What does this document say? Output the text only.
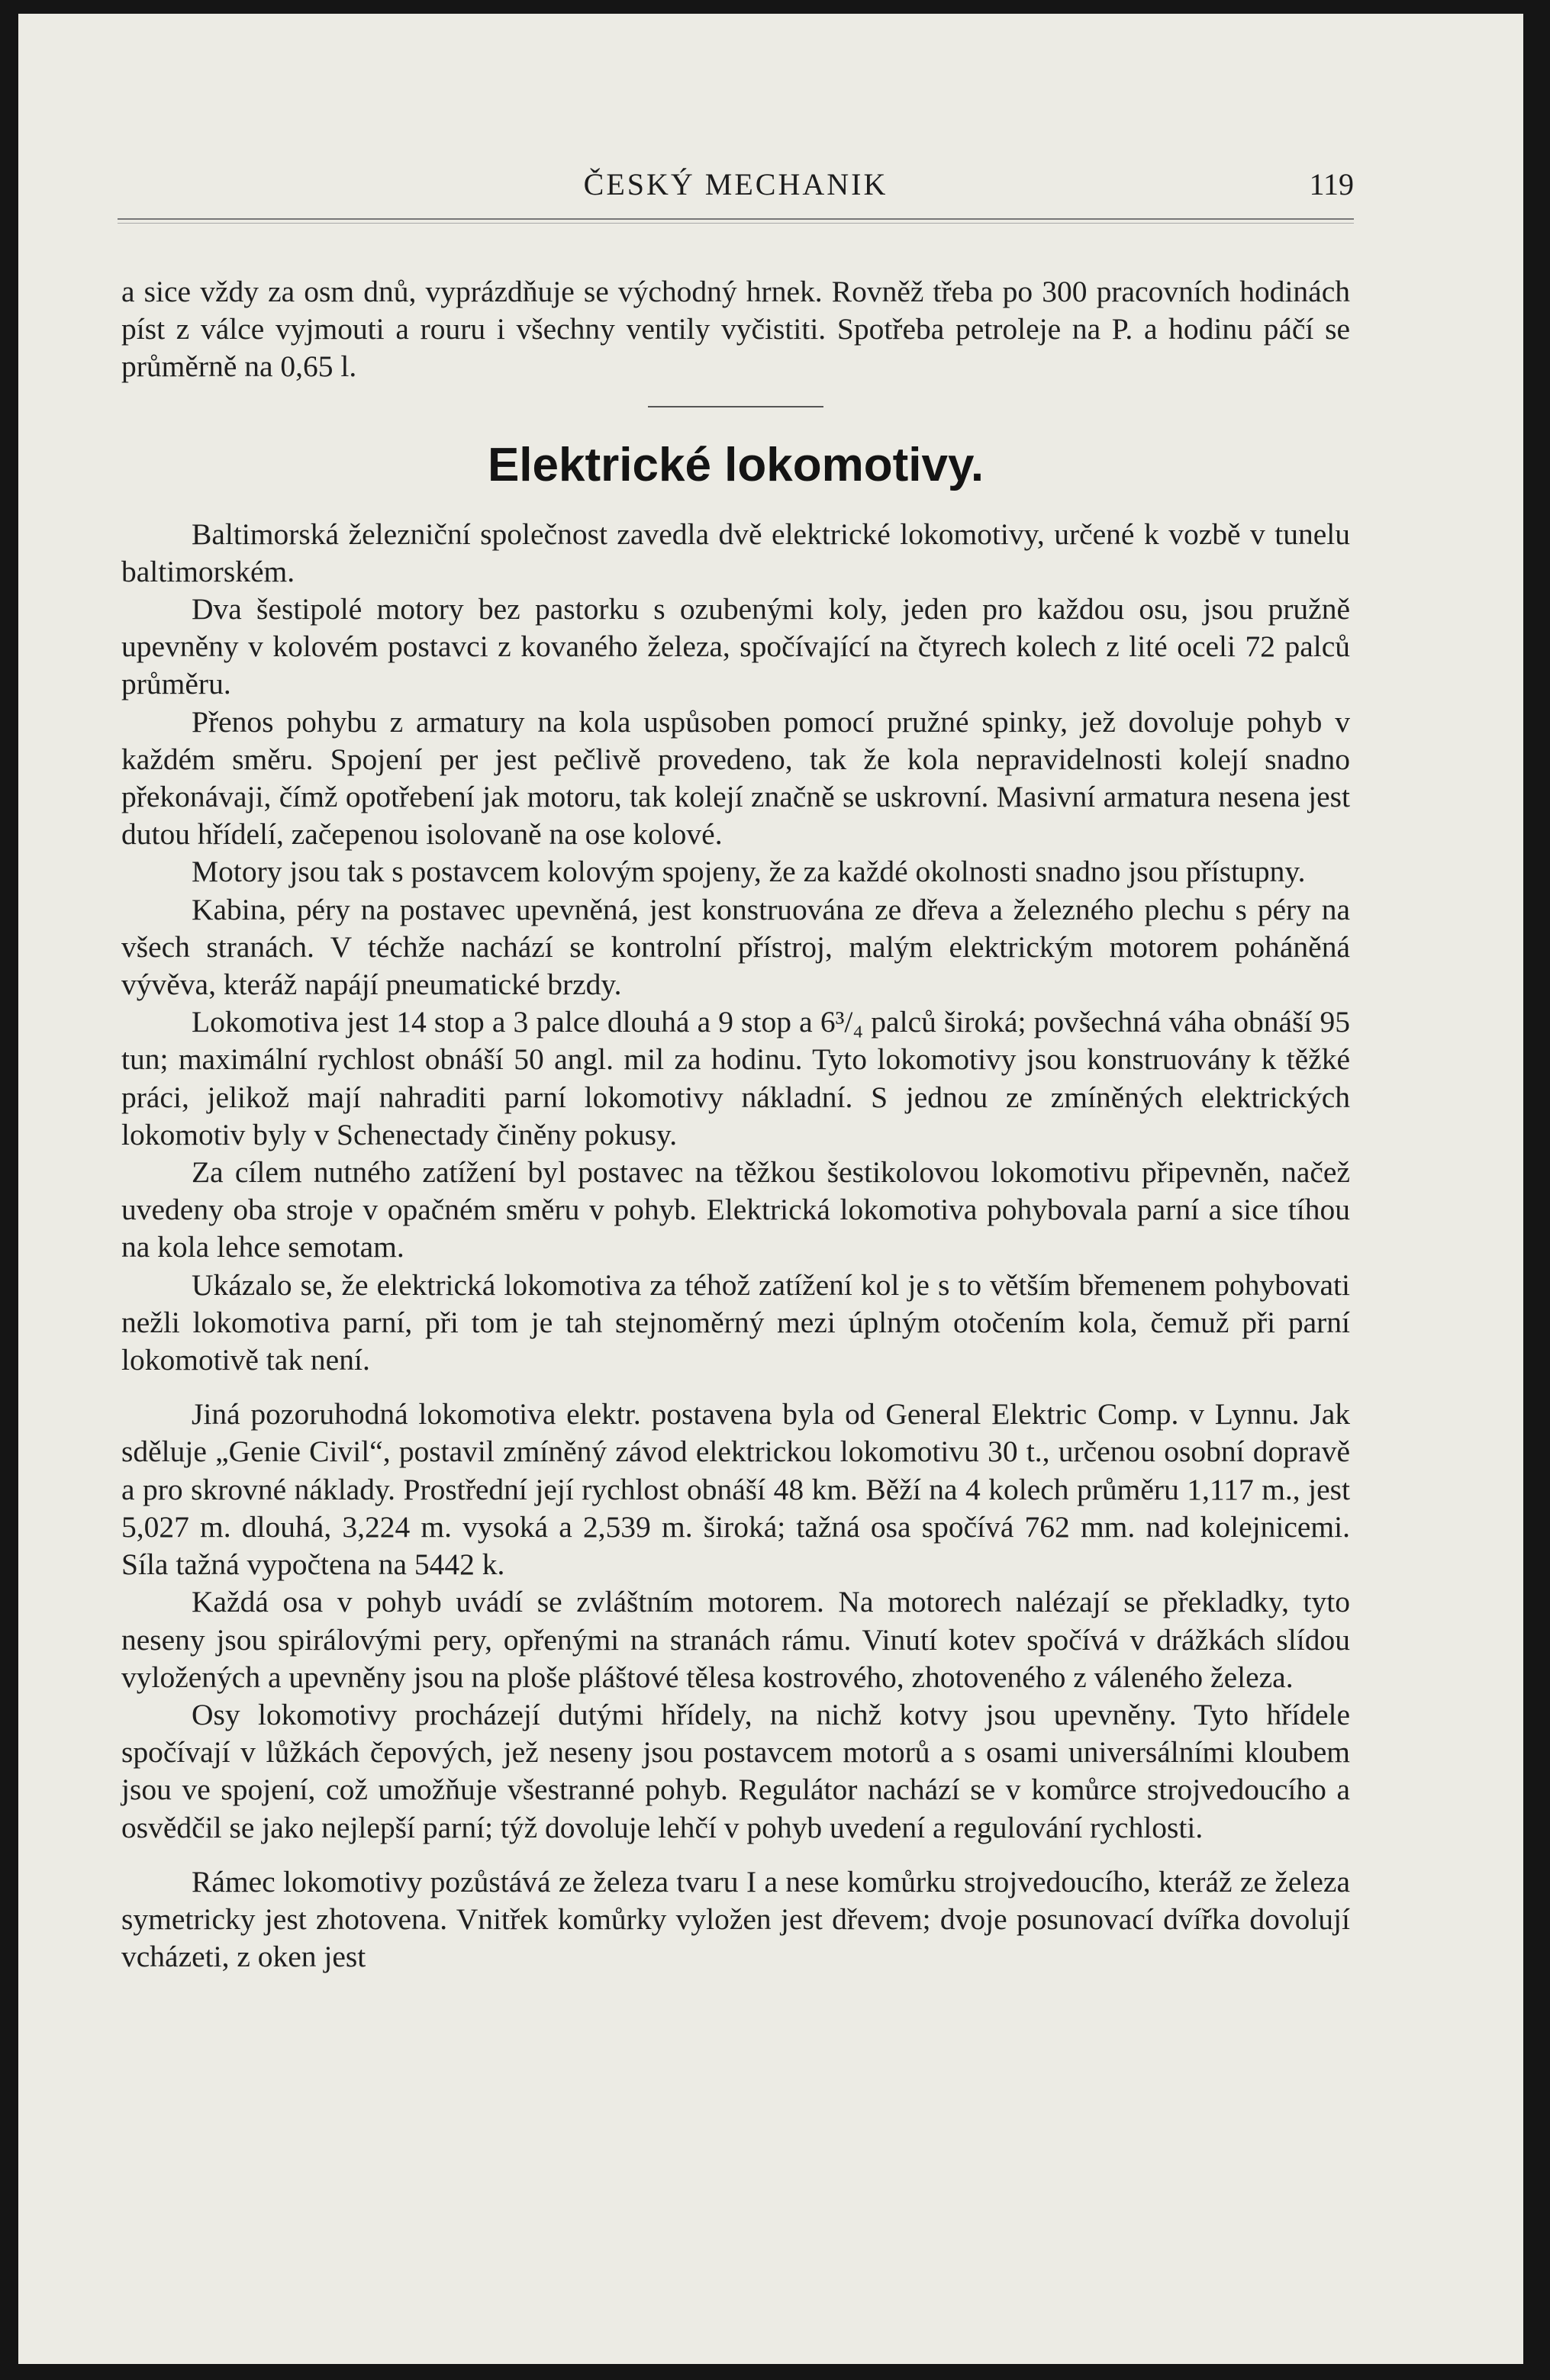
ČESKÝ MECHANIK	119

a sice vždy za osm dnů, vyprázdňuje se východný hrnek. Rovněž třeba po 300 pracovních hodinách píst z válce vyjmouti a rouru i všechny ventily vyčistiti. Spotřeba petroleje na P. a hodinu páčí se průměrně na 0,65 l.

Elektrické lokomotivy.

Baltimorská železniční společnost zavedla dvě elektrické lokomotivy, určené k vozbě v tunelu baltimorském.

Dva šestipolé motory bez pastorku s ozubenými koly, jeden pro každou osu, jsou pružně upevněny v kolovém postavci z kovaného železa, spočívající na čtyrech kolech z lité oceli 72 palců průměru.

Přenos pohybu z armatury na kola uspůsoben pomocí pružné spinky, jež dovoluje pohyb v každém směru. Spojení per jest pečlivě provedeno, tak že kola nepravidelnosti kolejí snadno překonávaji, čímž opotřebení jak motoru, tak kolejí značně se uskrovní. Masivní armatura nesena jest dutou hřídelí, začepenou isolovaně na ose kolové.

Motory jsou tak s postavcem kolovým spojeny, že za každé okolnosti snadno jsou přístupny.

Kabina, péry na postavec upevněná, jest konstruována ze dřeva a železného plechu s péry na všech stranách. V téchže nachází se kontrolní přístroj, malým elektrickým motorem poháněná vývěva, kteráž napájí pneumatické brzdy.

Lokomotiva jest 14 stop a 3 palce dlouhá a 9 stop a 6³/₄ palců široká; povšechná váha obnáší 95 tun; maximální rychlost obnáší 50 angl. mil za hodinu. Tyto lokomotivy jsou konstruovány k těžké práci, jelikož mají nahraditi parní lokomotivy nákladní. S jednou ze zmíněných elektrických lokomotiv byly v Schenectady činěny pokusy.

Za cílem nutného zatížení byl postavec na těžkou šestikolovou lokomotivu připevněn, načež uvedeny oba stroje v opačném směru v pohyb. Elektrická lokomotiva pohybovala parní a sice tíhou na kola lehce semotam.

Ukázalo se, že elektrická lokomotiva za téhož zatížení kol je s to větším břemenem pohybovati nežli lokomotiva parní, při tom je tah stejnoměrný mezi úplným otočením kola, čemuž při parní lokomotivě tak není.

Jiná pozoruhodná lokomotiva elektr. postavena byla od General Elektric Comp. v Lynnu. Jak sděluje „Genie Civil“, postavil zmíněný závod elektrickou lokomotivu 30 t., určenou osobní dopravě a pro skrovné náklady. Prostřední její rychlost obnáší 48 km. Běží na 4 kolech průměru 1,117 m., jest 5,027 m. dlouhá, 3,224 m. vysoká a 2,539 m. široká; tažná osa spočívá 762 mm. nad kolejnicemi. Síla tažná vypočtena na 5442 k.

Každá osa v pohyb uvádí se zvláštním motorem. Na motorech nalézají se překladky, tyto neseny jsou spirálovými pery, opřenými na stranách rámu. Vinutí kotev spočívá v drážkách slídou vyložených a upevněny jsou na ploše pláštové tělesa kostrového, zhotoveného z váleného železa.

Osy lokomotivy procházejí dutými hřídely, na nichž kotvy jsou upevněny. Tyto hřídele spočívají v lůžkách čepových, jež neseny jsou postavcem motorů a s osami universálními kloubem jsou ve spojení, což umožňuje všestranné pohyb. Regulátor nachází se v komůrce strojvedoucího a osvědčil se jako nejlepší parní; týž dovoluje lehčí v pohyb uvedení a regulování rychlosti.

Rámec lokomotivy pozůstává ze železa tvaru I a nese komůrku strojvedoucího, kteráž ze železa symetricky jest zhotovena. Vnitřek komůrky vyložen jest dřevem; dvoje posunovací dvířka dovolují vcházeti, z oken jest
